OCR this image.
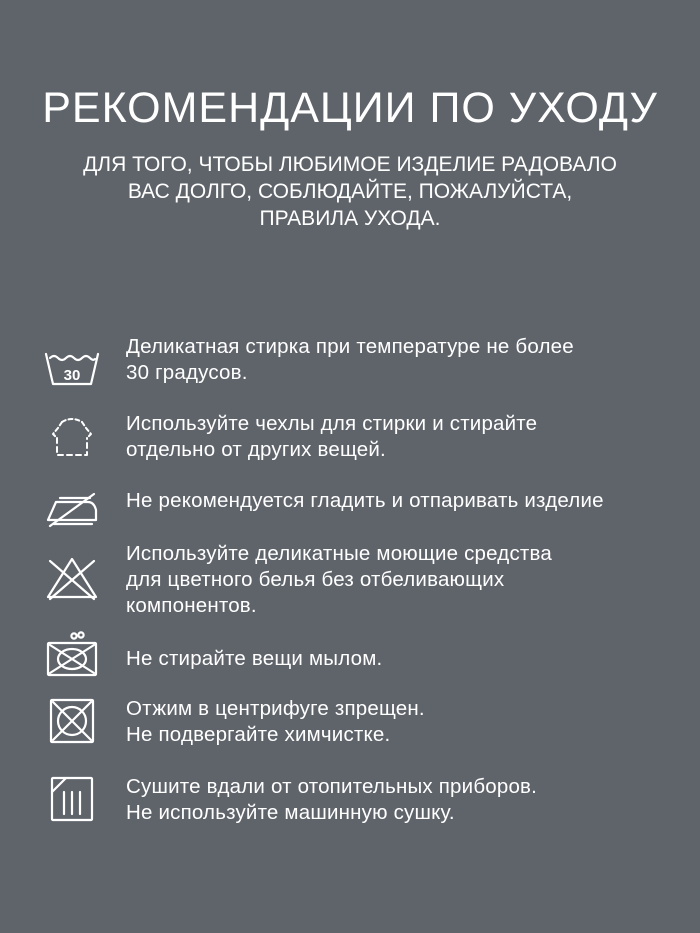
РЕКОМЕНДАЦИИ ПО УХОДУ
ДЛЯ ТОГО, ЧТОБЫ ЛЮБИМОЕ ИЗДЕЛИЕ РАДОВАЛО
ВАС ДОЛГО, СОБЛЮДАЙТЕ, ПОЖАЛУЙСТА,
ПРАВИЛА УХОДА.
30
Деликатная стирка при температуре не более
30 градусов.
Используйте чехлы для стирки и стирайте
отдельно от других вещей.
Не рекомендуется гладить и отпаривать изделие
Используйте деликатные моющие средства
для цветного белья без отбеливающих
компонентов.
Не стирайте вещи мылом.
Отжим в центрифуге зпрещен.
Не подвергайте химчистке.
Сушите вдали от отопительных приборов.
Не используйте машинную сушку.
